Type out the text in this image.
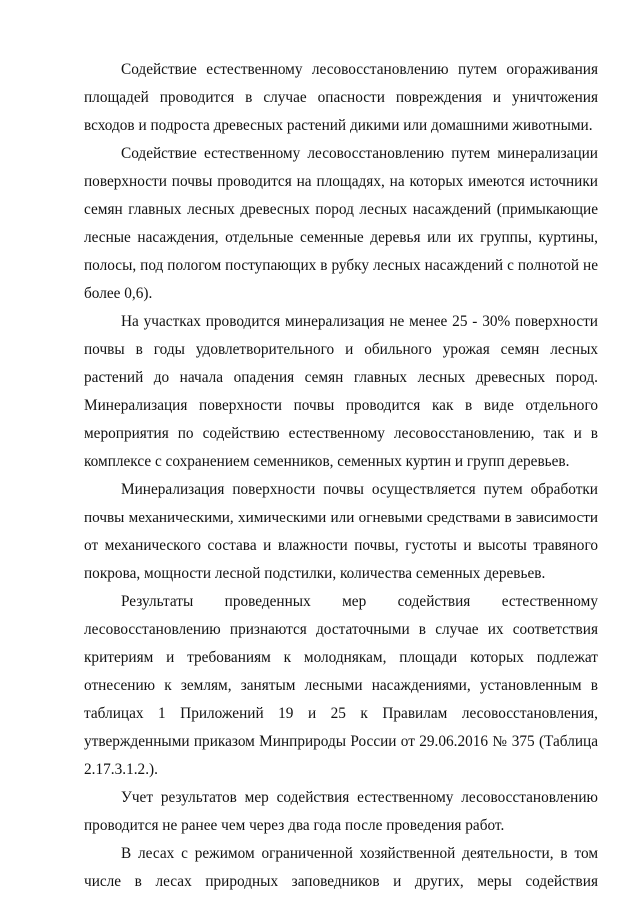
Содействие естественному лесовосстановлению путем огораживания
площадей проводится в случае опасности повреждения и уничтожения
всходов и подроста древесных растений дикими или домашними животными.
Содействие естественному лесовосстановлению путем минерализации
поверхности почвы проводится на площадях, на которых имеются источники
семян главных лесных древесных пород лесных насаждений (примыкающие
лесные насаждения, отдельные семенные деревья или их группы, куртины,
полосы, под пологом поступающих в рубку лесных насаждений с полнотой не
более 0,6).
На участках проводится минерализация не менее 25 - 30% поверхности
почвы в годы удовлетворительного и обильного урожая семян лесных
растений до начала опадения семян главных лесных древесных пород.
Минерализация поверхности почвы проводится как в виде отдельного
мероприятия по содействию естественному лесовосстановлению, так и в
комплексе с сохранением семенников, семенных куртин и групп деревьев.
Минерализация поверхности почвы осуществляется путем обработки
почвы механическими, химическими или огневыми средствами в зависимости
от механического состава и влажности почвы, густоты и высоты травяного
покрова, мощности лесной подстилки, количества семенных деревьев.
Результаты проведенных мер содействия естественному
лесовосстановлению признаются достаточными в случае их соответствия
критериям и требованиям к молоднякам, площади которых подлежат
отнесению к землям, занятым лесными насаждениями, установленным в
таблицах 1 Приложений 19 и 25 к Правилам лесовосстановления,
утвержденными приказом Минприроды России от 29.06.2016 № 375 (Таблица
2.17.3.1.2.).
Учет результатов мер содействия естественному лесовосстановлению
проводится не ранее чем через два года после проведения работ.
В лесах с режимом ограниченной хозяйственной деятельности, в том
числе в лесах природных заповедников и других, меры содействия
